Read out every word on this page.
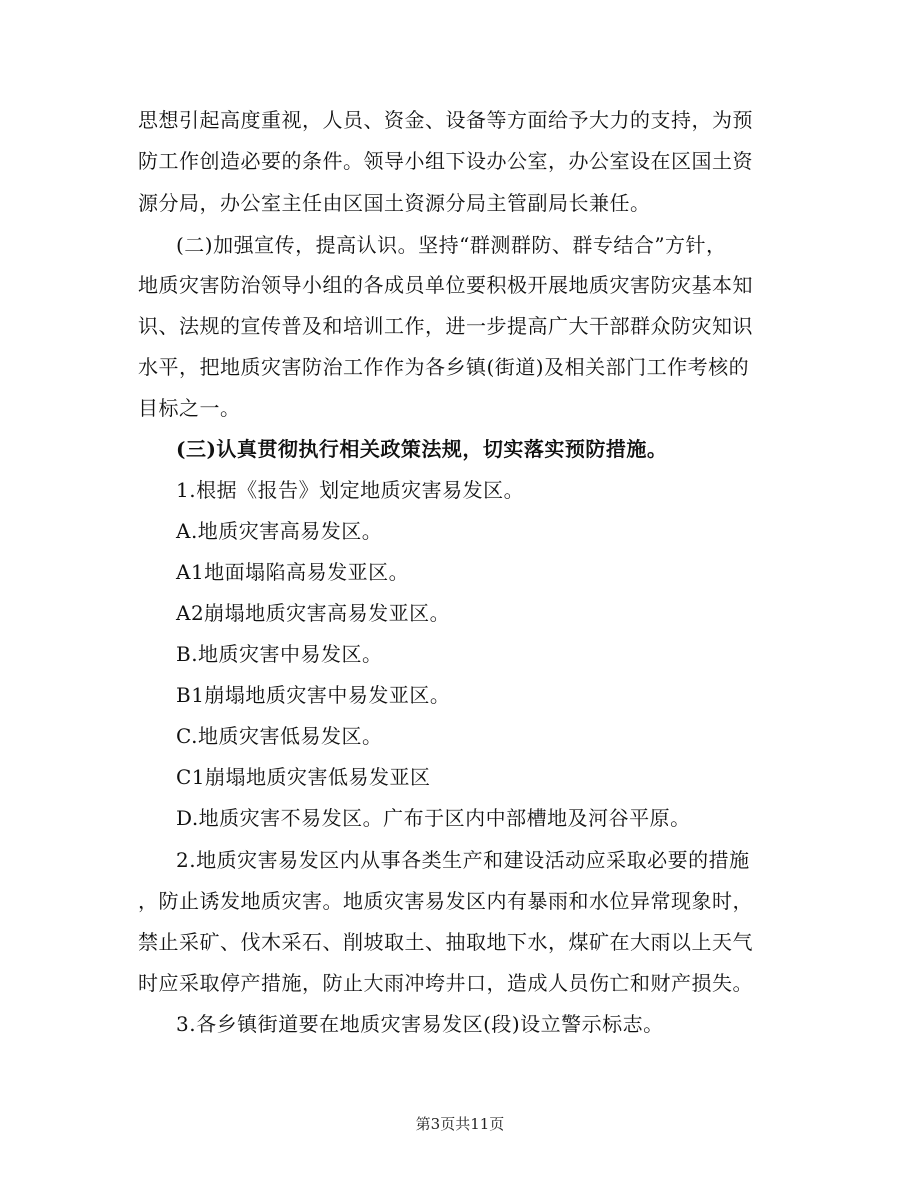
思想引起高度重视，人员、资金、设备等方面给予大力的支持，为预
防工作创造必要的条件。领导小组下设办公室，办公室设在区国土资
源分局，办公室主任由区国土资源分局主管副局长兼任。
(二)加强宣传，提高认识。坚持“群测群防、群专结合”方针，
地质灾害防治领导小组的各成员单位要积极开展地质灾害防灾基本知
识、法规的宣传普及和培训工作，进一步提高广大干部群众防灾知识
水平，把地质灾害防治工作作为各乡镇(街道)及相关部门工作考核的
目标之一。
(三)认真贯彻执行相关政策法规，切实落实预防措施。
1.根据《报告》划定地质灾害易发区。
A.地质灾害高易发区。
A1地面塌陷高易发亚区。
A2崩塌地质灾害高易发亚区。
B.地质灾害中易发区。
B1崩塌地质灾害中易发亚区。
C.地质灾害低易发区。
C1崩塌地质灾害低易发亚区
D.地质灾害不易发区。广布于区内中部槽地及河谷平原。
2.地质灾害易发区内从事各类生产和建设活动应采取必要的措施
，防止诱发地质灾害。地质灾害易发区内有暴雨和水位异常现象时，
禁止采矿、伐木采石、削坡取土、抽取地下水，煤矿在大雨以上天气
时应采取停产措施，防止大雨冲垮井口，造成人员伤亡和财产损失。
3.各乡镇街道要在地质灾害易发区(段)设立警示标志。
第3页共11页
